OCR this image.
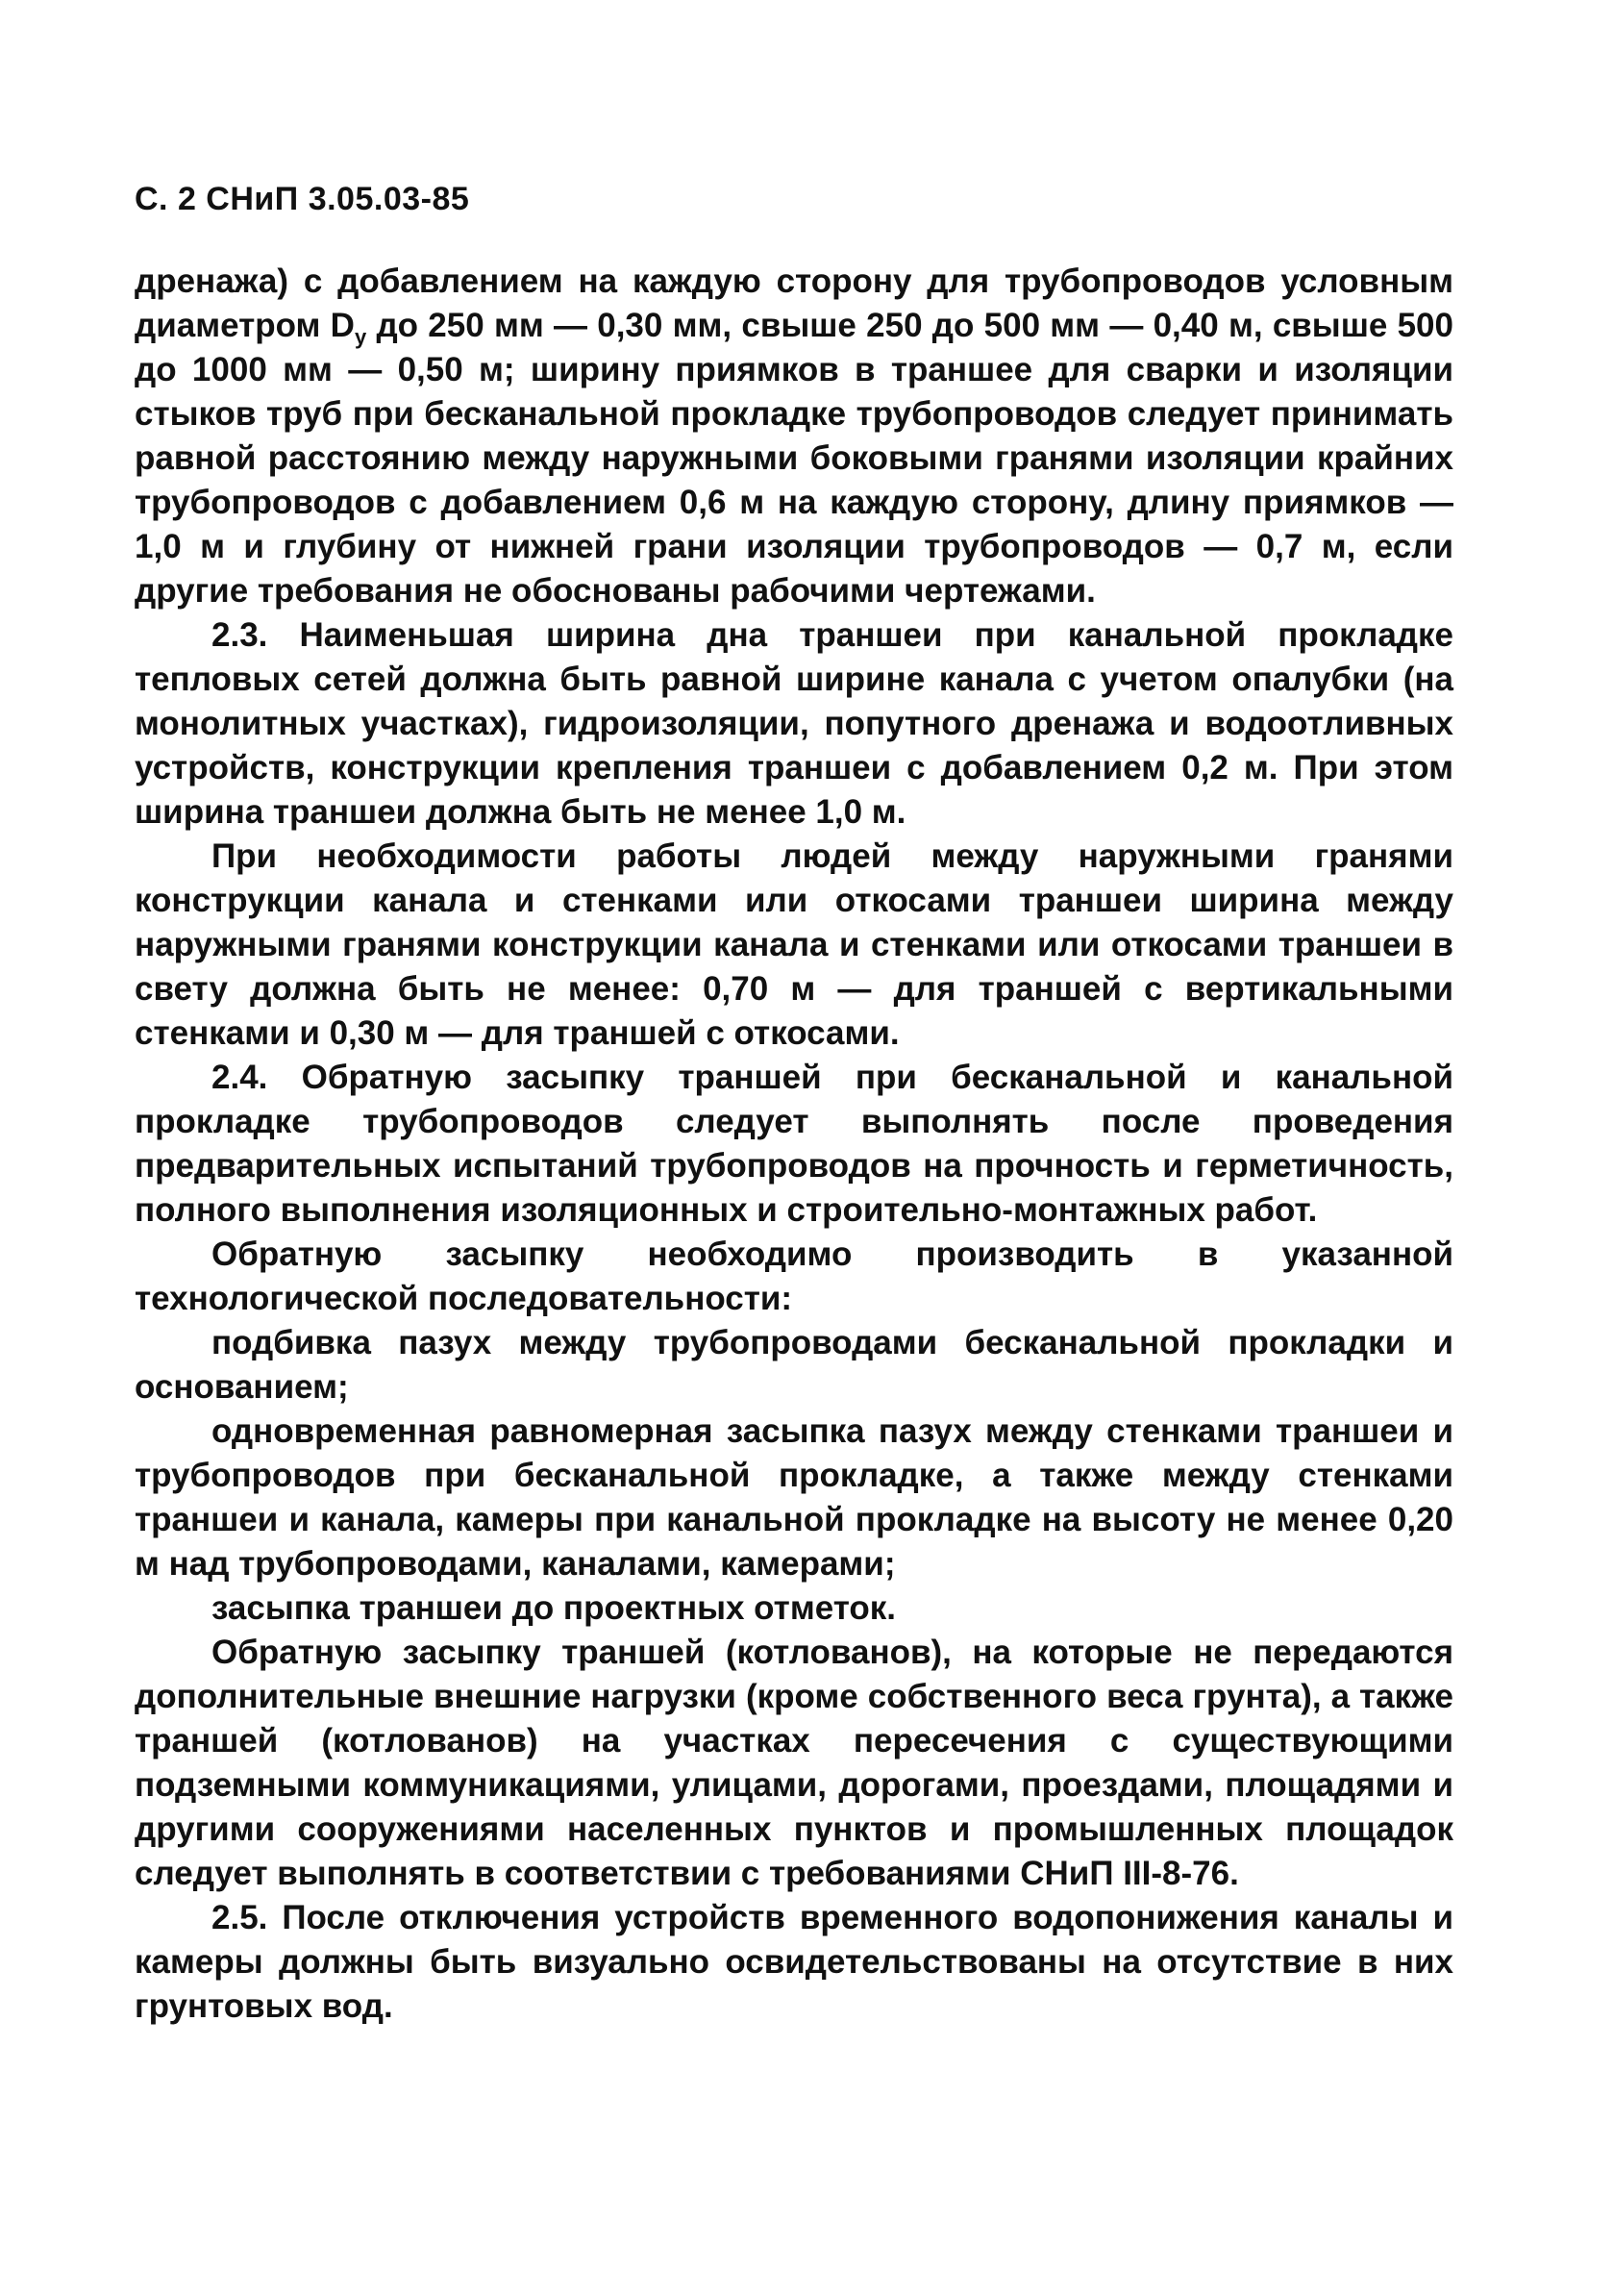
С. 2 СНиП 3.05.03-85

дренажа) с добавлением на каждую сторону для трубопроводов условным диаметром $D_у$ до 250 мм — 0,30 мм, свыше 250 до 500 мм — 0,40 м, свыше 500 до 1000 мм — 0,50 м; ширину приямков в траншее для сварки и изоляции стыков труб при бесканальной прокладке трубопроводов следует принимать равной расстоянию между наружными боковыми гранями изоляции крайних трубопроводов с добавлением 0,6 м на каждую сторону, длину приямков —1,0 м и глубину от нижней грани изоляции трубопроводов — 0,7 м, если другие требования не обоснованы рабочими чертежами.

2.3. Наименьшая ширина дна траншеи при канальной прокладке тепловых сетей должна быть равной ширине канала с учетом опалубки (на монолитных участках), гидроизоляции, попутного дренажа и водоотливных устройств, конструкции крепления траншеи с добавлением 0,2 м. При этом ширина траншеи должна быть не менее 1,0 м.

При необходимости работы людей между наружными гранями конструкции канала и стенками или откосами траншеи ширина между наружными гранями конструкции канала и стенками или откосами траншеи в свету должна быть не менее: 0,70 м — для траншей с вертикальными стенками и 0,30 м — для траншей с откосами.

2.4. Обратную засыпку траншей при бесканальной и канальной прокладке трубопроводов следует выполнять после проведения предварительных испытаний трубопроводов на прочность и герметичность, полного выполнения изоляционных и строительно-монтажных работ.

Обратную засыпку необходимо производить в указанной технологической последовательности:

подбивка пазух между трубопроводами бесканальной прокладки и основанием;

одновременная равномерная засыпка пазух между стенками траншеи и трубопроводов при бесканальной прокладке, а также между стенками траншеи и канала, камеры при канальной прокладке на высоту не менее 0,20 м над трубопроводами, каналами, камерами;

засыпка траншеи до проектных отметок.

Обратную засыпку траншей (котлованов), на которые не передаются дополнительные внешние нагрузки (кроме собственного веса грунта), а также траншей (котлованов) на участках пересечения с существующими подземными коммуникациями, улицами, дорогами, проездами, площадями и другими сооружениями населенных пунктов и промышленных площадок следует выполнять в соответствии с требованиями СНиП III-8-76.

2.5. После отключения устройств временного водопонижения каналы и камеры должны быть визуально освидетельствованы на отсутствие в них грунтовых вод.
